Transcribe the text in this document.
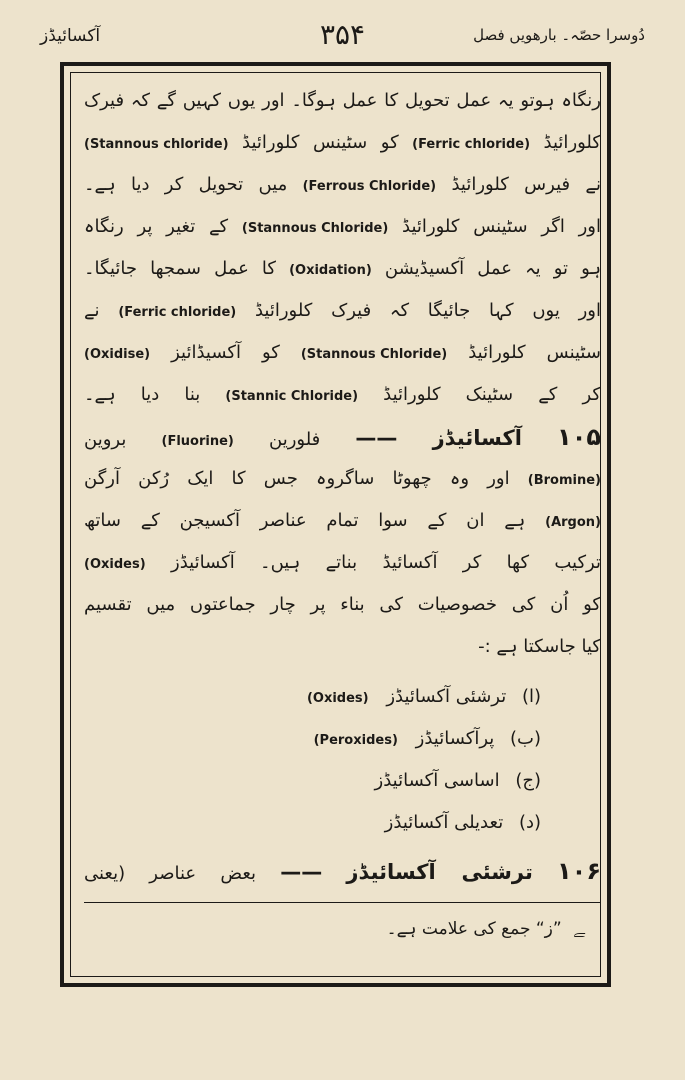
آکسائیڈز	۳۵۴	دُوسرا حصّہ۔ بارھویں فصل
رنگاہ ہوتو یہ عمل تحویل کا عمل ہوگا۔ اور یوں کہیں گے کہ فیرک
کلورائیڈ (Ferric chloride) کو سٹینس کلورائیڈ (Stannous chloride)
نے فیرس کلورائیڈ (Ferrous Chloride) میں تحویل کر دیا ہے۔
اور اگر سٹینس کلورائیڈ (Stannous Chloride) کے تغیر پر رنگاہ
ہو تو یہ عمل آکسیڈیشن (Oxidation) کا عمل سمجھا جائیگا۔
اور یوں کہا جائیگا کہ فیرک کلورائیڈ (Ferric chloride) نے
سٹینس کلورائیڈ (Stannous Chloride) کو آکسیڈائیز (Oxidise)
کر کے سٹینک کلورائیڈ (Stannic Chloride) بنا دیا ہے۔
۱۰۵ آکسائیڈز —— فلورین (Fluorine) بروین
(Bromine) اور وہ چھوٹا ساگروہ جس کا ایک رُکن آرگن
(Argon) ہے ان کے سوا تمام عناصر آکسیجن کے ساتھ
ترکیب کھا کر آکسائیڈ بناتے ہیں۔ آکسائیڈز (Oxides)
کو اُن کی خصوصیات کی بناء پر چار جماعتوں میں تقسیم
کیا جاسکتا ہے :-
(ا) ترشئی آکسائیڈز (Oxides)
(ب) پرآکسائیڈز (Peroxides)
(ج) اساسی آکسائیڈز
(د) تعدیلی آکسائیڈز
۱۰۶ ترشئی آکسائیڈز —— بعض عناصر (یعنی
ﮯ ”ز“ جمع کی علامت ہے۔
